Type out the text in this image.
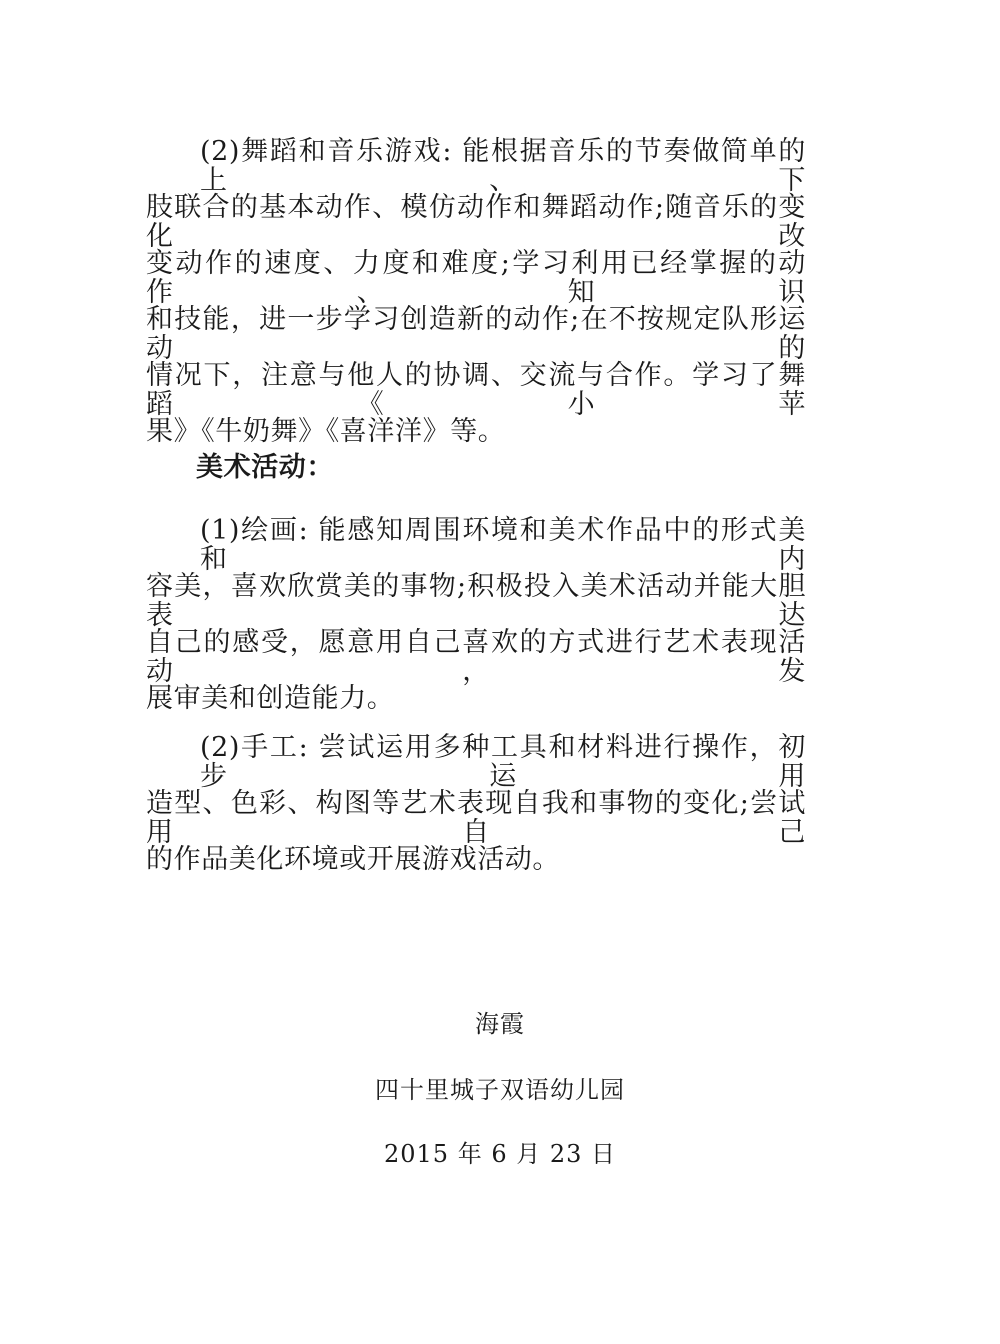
(2)舞蹈和音乐游戏: 能根据音乐的节奏做简单的上、下
肢联合的基本动作、模仿动作和舞蹈动作;随音乐的变化改
变动作的速度、力度和难度;学习利用已经掌握的动作、知识
和技能，进一步学习创造新的动作;在不按规定队形运动的
情况下，注意与他人的协调、交流与合作。学习了舞蹈《小苹
果》《牛奶舞》《喜洋洋》等。
美术活动：
(1)绘画: 能感知周围环境和美术作品中的形式美和内
容美，喜欢欣赏美的事物;积极投入美术活动并能大胆表达
自己的感受，愿意用自己喜欢的方式进行艺术表现活动，发
展审美和创造能力。
(2)手工: 尝试运用多种工具和材料进行操作，初步运用
造型、色彩、构图等艺术表现自我和事物的变化;尝试用自己
的作品美化环境或开展游戏活动。
海霞
四十里城子双语幼儿园
2015 年 6 月 23 日
